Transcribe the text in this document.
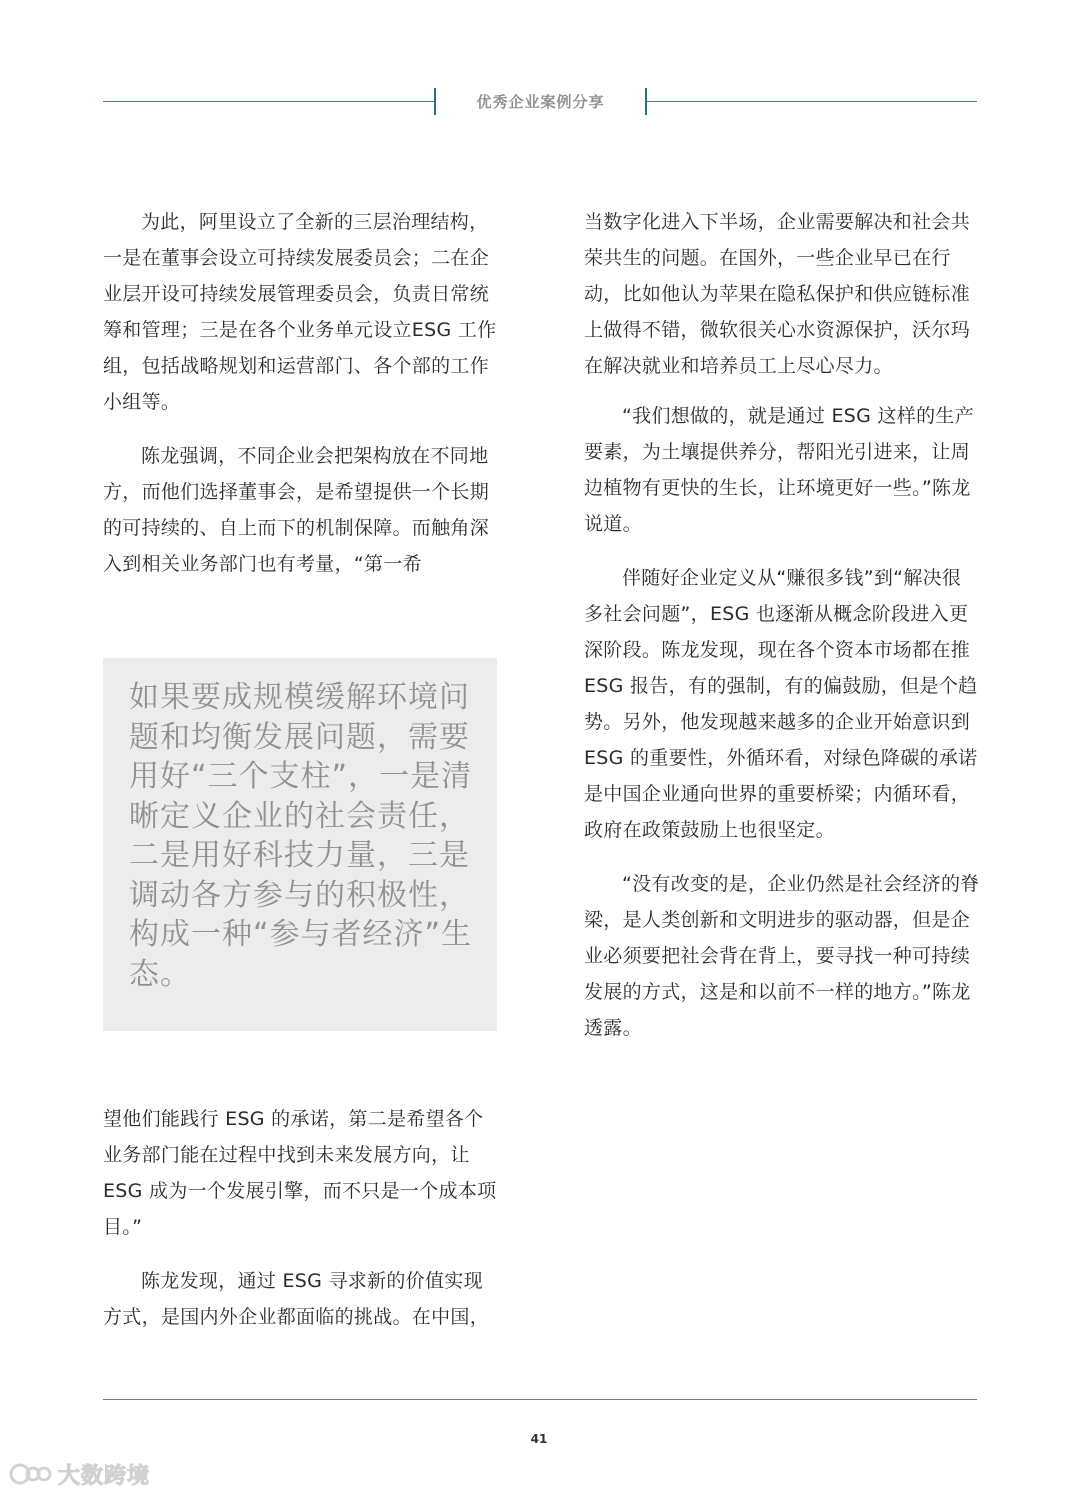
优秀企业案例分享

为此，阿里设立了全新的三层治理结构，一是在董事会设立可持续发展委员会；二在企业层开设可持续发展管理委员会，负责日常统筹和管理；三是在各个业务单元设立ESG 工作组，包括战略规划和运营部门、各个部的工作小组等。

陈龙强调，不同企业会把架构放在不同地方，而他们选择董事会，是希望提供一个长期的可持续的、自上而下的机制保障。而触角深入到相关业务部门也有考量，“第一希

如果要成规模缓解环境问题和均衡发展问题，需要用好“三个支柱”，一是清晰定义企业的社会责任，二是用好科技力量，三是调动各方参与的积极性，构成一种“参与者经济”生态。

望他们能践行 ESG 的承诺，第二是希望各个业务部门能在过程中找到未来发展方向，让ESG 成为一个发展引擎，而不只是一个成本项目。”

陈龙发现，通过 ESG 寻求新的价值实现方式，是国内外企业都面临的挑战。在中国，

当数字化进入下半场，企业需要解决和社会共荣共生的问题。在国外，一些企业早已在行动，比如他认为苹果在隐私保护和供应链标准上做得不错，微软很关心水资源保护，沃尔玛在解决就业和培养员工上尽心尽力。

“我们想做的，就是通过 ESG 这样的生产要素，为土壤提供养分，帮阳光引进来，让周边植物有更快的生长，让环境更好一些。”陈龙说道。

伴随好企业定义从“赚很多钱”到“解决很多社会问题”，ESG 也逐渐从概念阶段进入更深阶段。陈龙发现，现在各个资本市场都在推 ESG 报告，有的强制，有的偏鼓励，但是个趋势。另外，他发现越来越多的企业开始意识到 ESG 的重要性，外循环看，对绿色降碳的承诺是中国企业通向世界的重要桥梁；内循环看，政府在政策鼓励上也很坚定。

“没有改变的是，企业仍然是社会经济的脊梁，是人类创新和文明进步的驱动器，但是企业必须要把社会背在背上，要寻找一种可持续发展的方式，这是和以前不一样的地方。”陈龙透露。

41
大数跨境
